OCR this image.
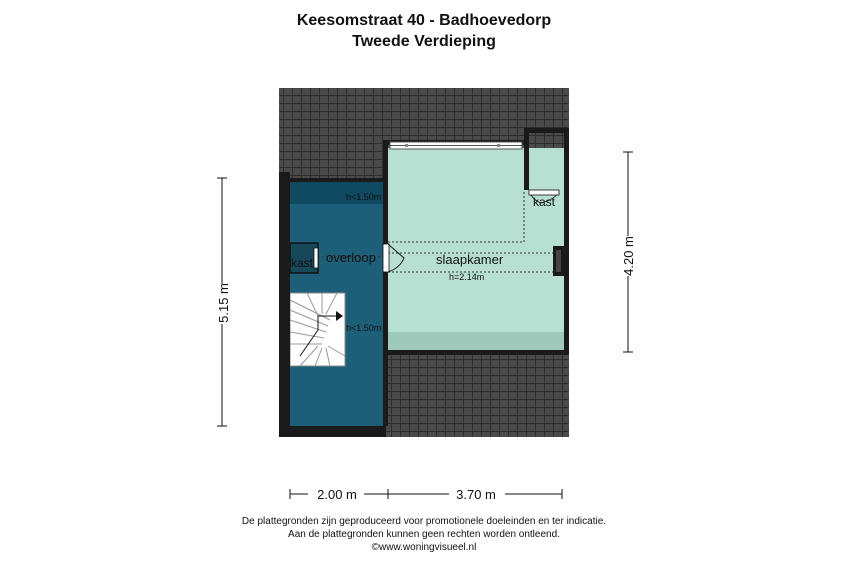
Keesomstraat 40 - Badhoevedorp
Tweede Verdieping
overloop	slaapkamer
h=2.14m
kast
kast
h<1.50m
h<1.50m
5.15 m
4.20 m
2.00 m	3.70 m
De plattegronden zijn geproduceerd voor promotionele doeleinden en ter indicatie.
Aan de plattegronden kunnen geen rechten worden ontleend.
©www.woningvisueel.nl
